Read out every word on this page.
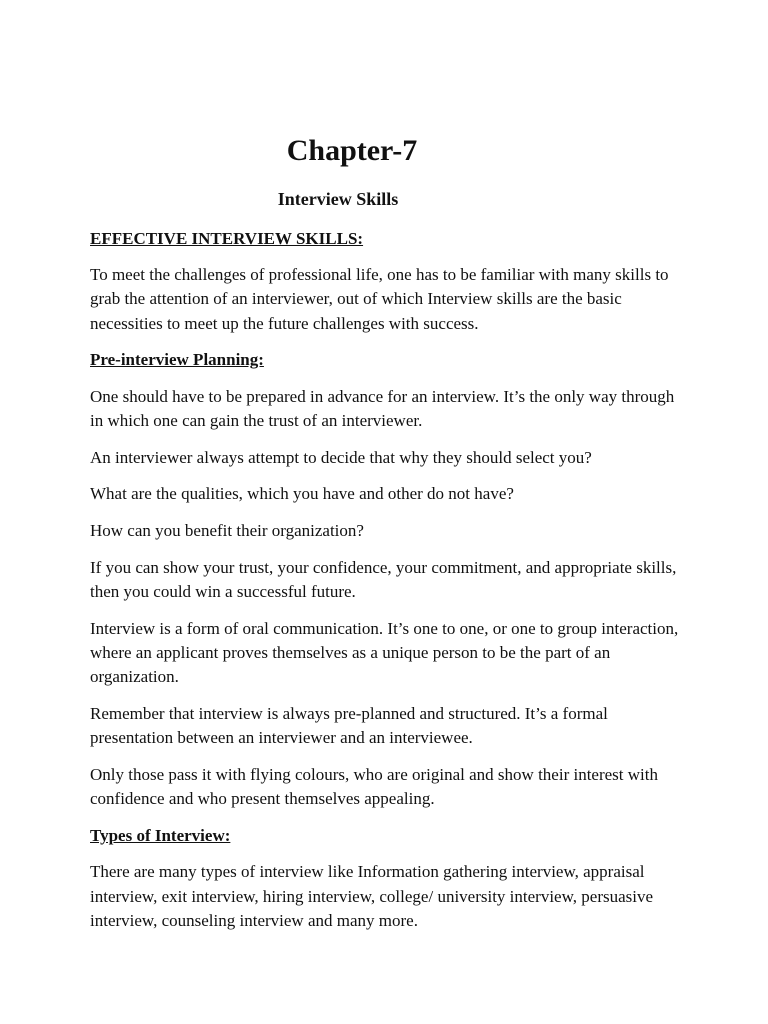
Chapter-7
Interview Skills

EFFECTIVE INTERVIEW SKILLS:

To meet the challenges of professional life, one has to be familiar with many skills to grab the attention of an interviewer, out of which Interview skills are the basic necessities to meet up the future challenges with success.

Pre-interview Planning:

One should have to be prepared in advance for an interview. It’s the only way through in which one can gain the trust of an interviewer.

An interviewer always attempt to decide that why they should select you?

What are the qualities, which you have and other do not have?

How can you benefit their organization?

If you can show your trust, your confidence, your commitment, and appropriate skills, then you could win a successful future.

Interview is a form of oral communication. It’s one to one, or one to group interaction, where an applicant proves themselves as a unique person to be the part of an organization.

Remember that interview is always pre-planned and structured. It’s a formal presentation between an interviewer and an interviewee.

Only those pass it with flying colours, who are original and show their interest with confidence and who present themselves appealing.

Types of Interview:

There are many types of interview like Information gathering interview, appraisal interview, exit interview, hiring interview, college/ university interview, persuasive interview, counseling interview and many more.
